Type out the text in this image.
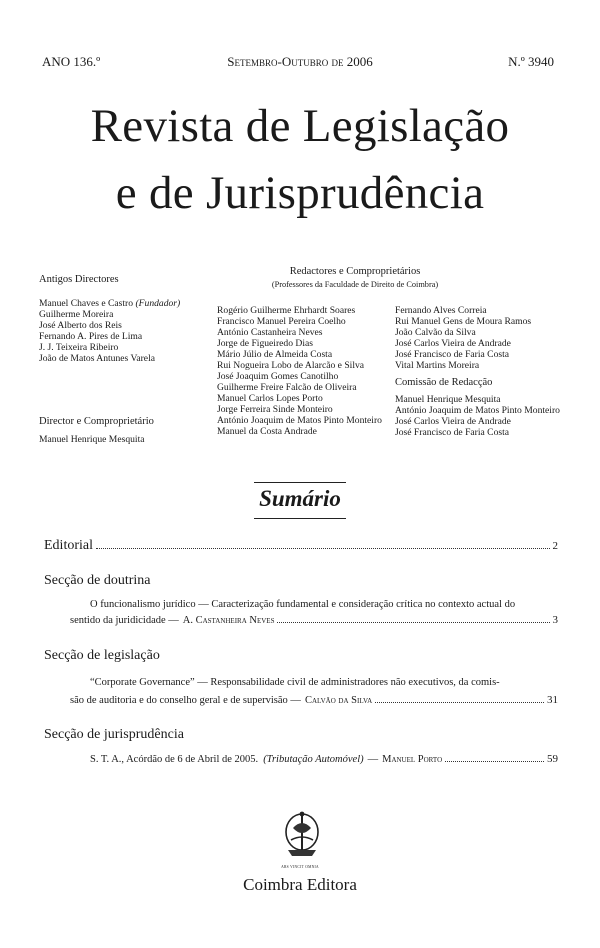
ANO 136.º	Setembro-Outubro de 2006	N.º 3940
Revista de Legislação
e de Jurisprudência
Antigos Directores
Manuel Chaves e Castro (Fundador)
Guilherme Moreira
José Alberto dos Reis
Fernando A. Pires de Lima
J. J. Teixeira Ribeiro
João de Matos Antunes Varela
Director e Comproprietário
Manuel Henrique Mesquita
Redactores e Comproprietários
(Professores da Faculdade de Direito de Coimbra)
Rogério Guilherme Ehrhardt Soares
Francisco Manuel Pereira Coelho
António Castanheira Neves
Jorge de Figueiredo Dias
Mário Júlio de Almeida Costa
Rui Nogueira Lobo de Alarcão e Silva
José Joaquim Gomes Canotilho
Guilherme Freire Falcão de Oliveira
Manuel Carlos Lopes Porto
Jorge Ferreira Sinde Monteiro
António Joaquim de Matos Pinto Monteiro
Manuel da Costa Andrade
Fernando Alves Correia
Rui Manuel Gens de Moura Ramos
João Calvão da Silva
José Carlos Vieira de Andrade
José Francisco de Faria Costa
Vital Martins Moreira
Comissão de Redacção
Manuel Henrique Mesquita
António Joaquim de Matos Pinto Monteiro
José Carlos Vieira de Andrade
José Francisco de Faria Costa
Sumário
Editorial	2
Secção de doutrina
O funcionalismo jurídico — Caracterização fundamental e consideração crítica no contexto actual do
sentido da juridicidade — A. Castanheira Neves	3
Secção de legislação
“Corporate Governance” — Responsabilidade civil de administradores não executivos, da comis-
são de auditoria e do conselho geral e de supervisão — Calvão da Silva	31
Secção de jurisprudência
S. T. A., Acórdão de 6 de Abril de 2005. (Tributação Automóvel) — Manuel Porto	59
ARS VINCIT OMNIA
Coimbra Editora
